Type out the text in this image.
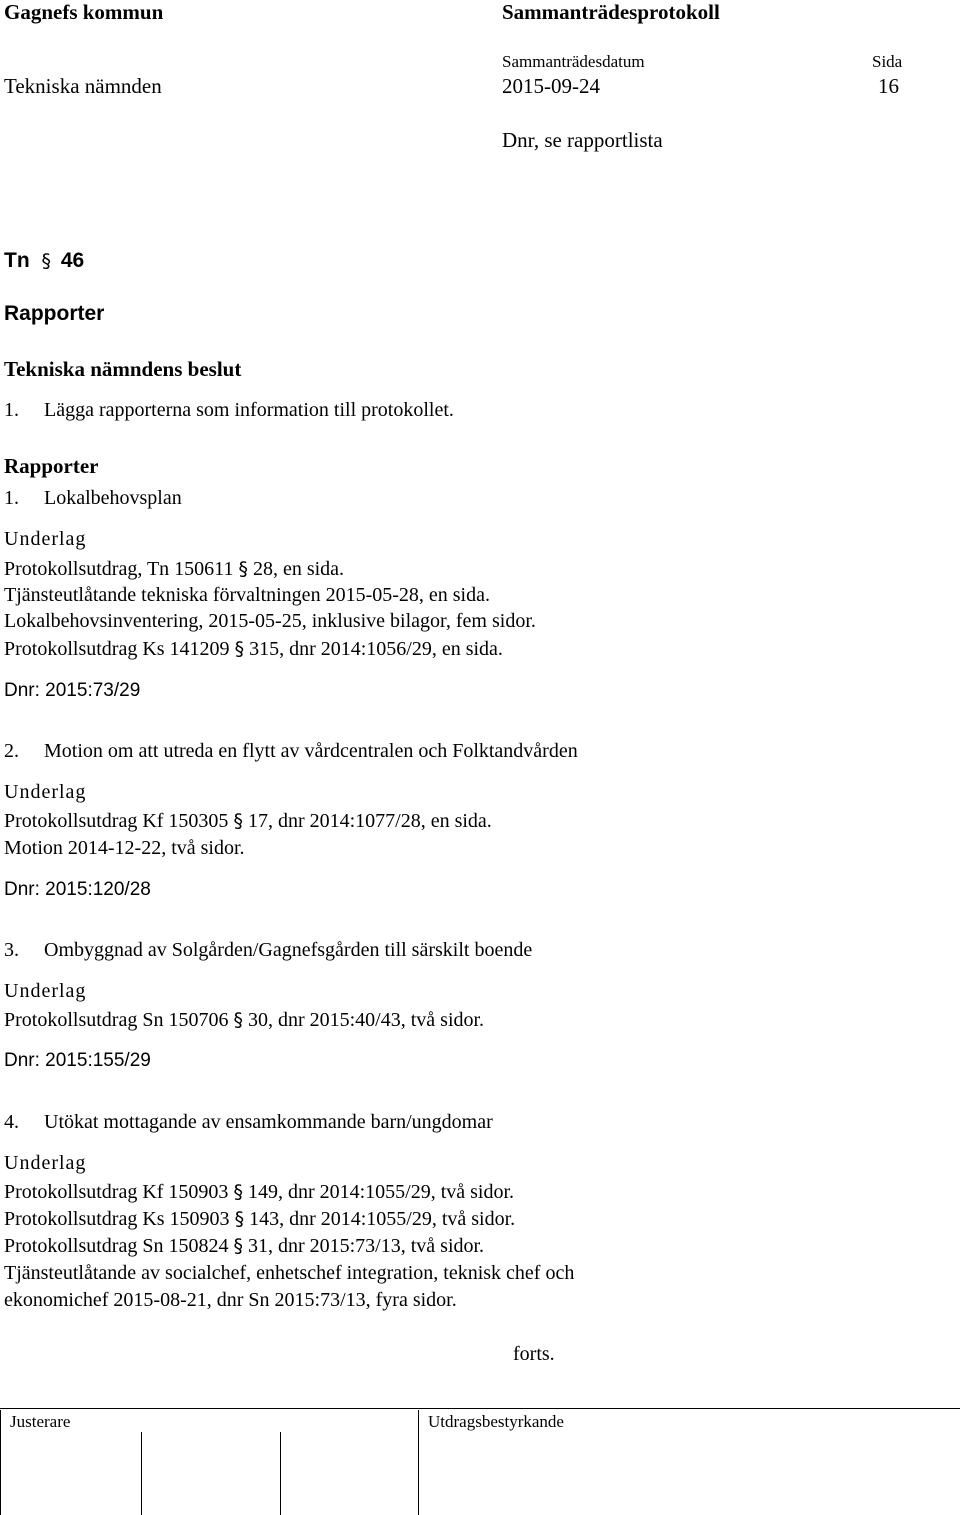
Gagnefs kommun	Sammanträdesprotokoll
Sammanträdesdatum	Sida
Tekniska nämnden	2015-09-24	16
Dnr, se rapportlista
Tn § 46
Rapporter
Tekniska nämndens beslut
1. Lägga rapporterna som information till protokollet.
Rapporter
1. Lokalbehovsplan
Underlag
Protokollsutdrag, Tn 150611 § 28, en sida.
Tjänsteutlåtande tekniska förvaltningen 2015-05-28, en sida.
Lokalbehovsinventering, 2015-05-25, inklusive bilagor, fem sidor.
Protokollsutdrag Ks 141209 § 315, dnr 2014:1056/29, en sida.
Dnr: 2015:73/29
2. Motion om att utreda en flytt av vårdcentralen och Folktandvården
Underlag
Protokollsutdrag Kf 150305 § 17, dnr 2014:1077/28, en sida.
Motion 2014-12-22, två sidor.
Dnr: 2015:120/28
3. Ombyggnad av Solgården/Gagnefsgården till särskilt boende
Underlag
Protokollsutdrag Sn 150706 § 30, dnr 2015:40/43, två sidor.
Dnr: 2015:155/29
4. Utökat mottagande av ensamkommande barn/ungdomar
Underlag
Protokollsutdrag Kf 150903 § 149, dnr 2014:1055/29, två sidor.
Protokollsutdrag Ks 150903 § 143, dnr 2014:1055/29, två sidor.
Protokollsutdrag Sn 150824 § 31, dnr 2015:73/13, två sidor.
Tjänsteutlåtande av socialchef, enhetschef integration, teknisk chef och
ekonomichef 2015-08-21, dnr Sn 2015:73/13, fyra sidor.
forts.
Justerare	Utdragsbestyrkande
